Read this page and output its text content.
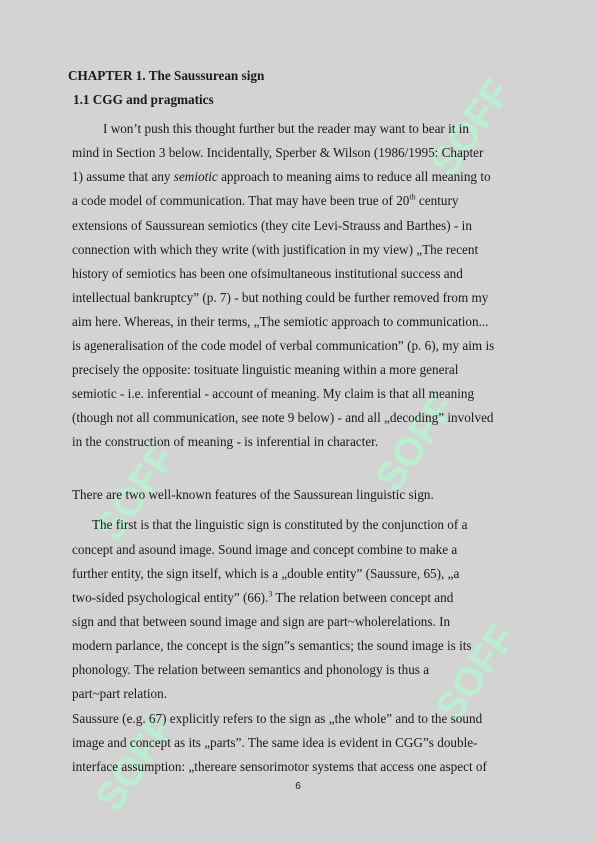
SOFF
SOFF	SOFF
SOFF
SOFF
CHAPTER 1. The Saussurean sign
1.1 CGG and pragmatics
I won’t push this thought further but the reader may want to bear it in
mind in Section 3 below. Incidentally, Sperber & Wilson (1986/1995: Chapter
1) assume that any semiotic approach to meaning aims to reduce all meaning to
a code model of communication. That may have been true of 20th century
extensions of Saussurean semiotics (they cite Levi-Strauss and Barthes) - in
connection with which they write (with justification in my view) „The recent
history of semiotics has been one ofsimultaneous institutional success and
intellectual bankruptcy” (p. 7) - but nothing could be further removed from my
aim here. Whereas, in their terms, „The semiotic approach to communication...
is ageneralisation of the code model of verbal communication” (p. 6), my aim is
precisely the opposite: tosituate linguistic meaning within a more general
semiotic - i.e. inferential - account of meaning. My claim is that all meaning
(though not all communication, see note 9 below) - and all „decoding” involved
in the construction of meaning - is inferential in character.
There are two well-known features of the Saussurean linguistic sign.
The first is that the linguistic sign is constituted by the conjunction of a
concept and asound image. Sound image and concept combine to make a
further entity, the sign itself, which is a „double entity” (Saussure, 65), „a
two-sided psychological entity” (66).$^3$ The relation between concept and
sign and that between sound image and sign are part~wholerelations. In
modern parlance, the concept is the sign”s semantics; the sound image is its
phonology. The relation between semantics and phonology is thus a
part~part relation.
Saussure (e.g. 67) explicitly refers to the sign as „the whole” and to the sound
image and concept as its „parts”. The same idea is evident in CGG”s double-
interface assumption: „thereare sensorimotor systems that access one aspect of
6
